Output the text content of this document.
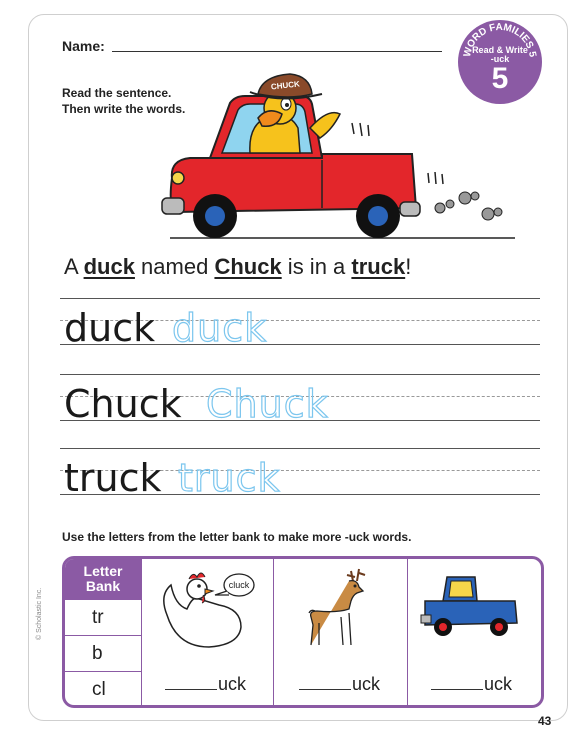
Name:	WORD FAMILIES 5
Read & Write
-uck
5
Read the sentence.
Then write the words.
CHUCK
A duck named Chuck is in a truck!
duck duck
Chuck Chuck
truck truck
Use the letters from the letter bank to make more -uck words.
Letter
Bank
tr
b
cl
cluck
uck	uck	uck
© Scholastic Inc.
43
